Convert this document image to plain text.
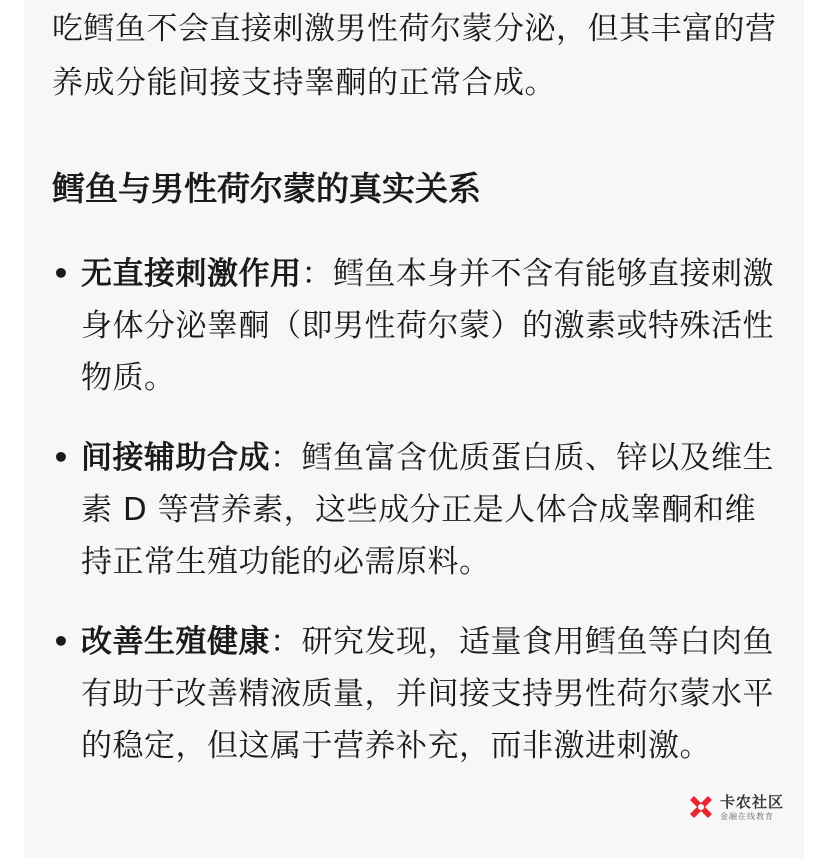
吃鳕鱼不会直接刺激男性荷尔蒙分泌，但其丰富的营养成分能间接支持睾酮的正常合成。

鳕鱼与男性荷尔蒙的真实关系
• 无直接刺激作用：鳕鱼本身并不含有能够直接刺激身体分泌睾酮（即男性荷尔蒙）的激素或特殊活性物质。
• 间接辅助合成：鳕鱼富含优质蛋白质、锌以及维生素 D 等营养素，这些成分正是人体合成睾酮和维持正常生殖功能的必需原料。
• 改善生殖健康：研究发现，适量食用鳕鱼等白肉鱼有助于改善精液质量，并间接支持男性荷尔蒙水平的稳定，但这属于营养补充，而非激进刺激。
卡农社区
金融在线教育
